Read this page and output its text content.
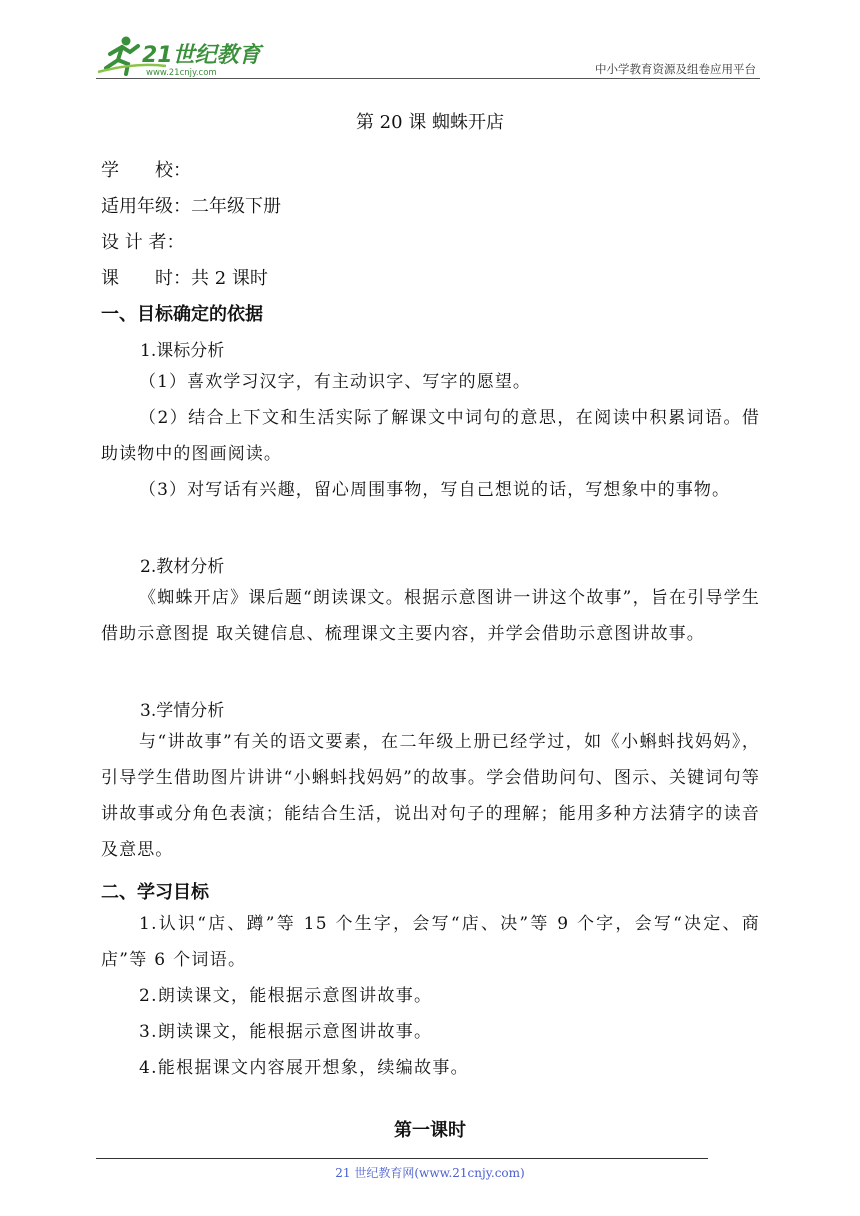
21世纪教育
www.21cnjy.com	中小学教育资源及组卷应用平台
第 20 课 蜘蛛开店
学　　校：
适用年级：二年级下册
设 计 者：
课　　时：共 2 课时
一、目标确定的依据
1.课标分析
（1）喜欢学习汉字，有主动识字、写字的愿望。
（2）结合上下文和生活实际了解课文中词句的意思，在阅读中积累词语。借助读物中的图画阅读。
（3）对写话有兴趣，留心周围事物，写自己想说的话，写想象中的事物。
2.教材分析
《蜘蛛开店》课后题“朗读课文。根据示意图讲一讲这个故事”，旨在引导学生借助示意图提 取关键信息、梳理课文主要内容，并学会借助示意图讲故事。
3.学情分析
与“讲故事”有关的语文要素，在二年级上册已经学过，如《小蝌蚪找妈妈》，引导学生借助图片讲讲“小蝌蚪找妈妈”的故事。学会借助问句、图示、关键词句等讲故事或分角色表演；能结合生活，说出对句子的理解；能用多种方法猜字的读音及意思。
二、学习目标
1.认识“店、蹲”等 15 个生字，会写“店、决”等 9 个字，会写“决定、商店”等 6 个词语。
2.朗读课文，能根据示意图讲故事。
3.朗读课文，能根据示意图讲故事。
4.能根据课文内容展开想象，续编故事。
第一课时
21 世纪教育网(www.21cnjy.com)
